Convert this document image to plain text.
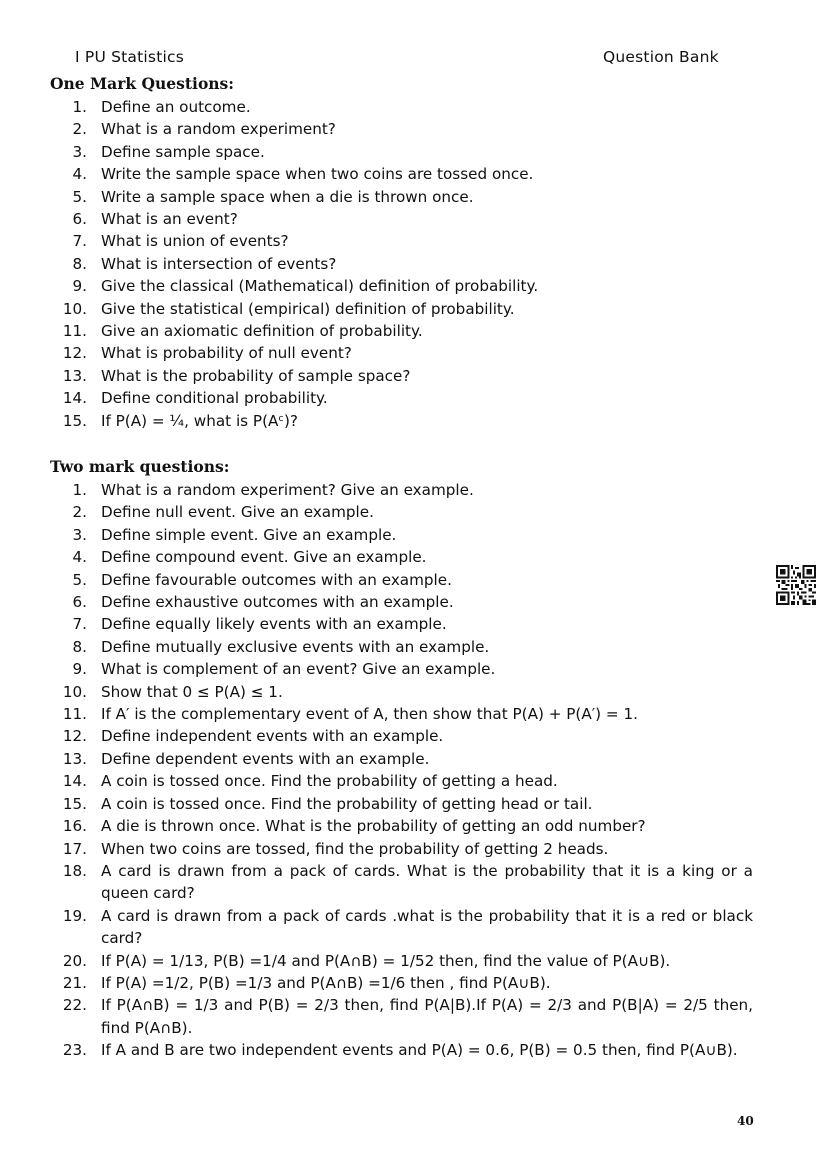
I PU Statistics	Question Bank
One Mark Questions:
1. Define an outcome.
2. What is a random experiment?
3. Define sample space.
4. Write the sample space when two coins are tossed once.
5. Write a sample space when a die is thrown once.
6. What is an event?
7. What is union of events?
8. What is intersection of events?
9. Give the classical (Mathematical) definition of probability.
10. Give the statistical (empirical) definition of probability.
11. Give an axiomatic definition of probability.
12. What is probability of null event?
13. What is the probability of sample space?
14. Define conditional probability.
15. If P(A) = ¼, what is P(Aᶜ)?
Two mark questions:
1. What is a random experiment? Give an example.
2. Define null event. Give an example.
3. Define simple event. Give an example.
4. Define compound event. Give an example.
5. Define favourable outcomes with an example.
6. Define exhaustive outcomes with an example.
7. Define equally likely events with an example.
8. Define mutually exclusive events with an example.
9. What is complement of an event? Give an example.
10. Show that 0 ≤ P(A) ≤ 1.
11. If A′ is the complementary event of A, then show that P(A) + P(A′) = 1.
12. Define independent events with an example.
13. Define dependent events with an example.
14. A coin is tossed once. Find the probability of getting a head.
15. A coin is tossed once. Find the probability of getting head or tail.
16. A die is thrown once. What is the probability of getting an odd number?
17. When two coins are tossed, find the probability of getting 2 heads.
18. A card is drawn from a pack of cards. What is the probability that it is a king or a queen card?
19. A card is drawn from a pack of cards .what is the probability that it is a red or black card?
20. If P(A) = 1/13, P(B) =1/4 and P(A∩B) = 1/52 then, find the value of P(A∪B).
21. If P(A) =1/2, P(B) =1/3 and P(A∩B) =1/6 then , find P(A∪B).
22. If P(A∩B) = 1/3 and P(B) = 2/3 then, find P(A|B).If P(A) = 2/3 and P(B|A) = 2/5 then, find P(A∩B).
23. If A and B are two independent events and P(A) = 0.6, P(B) = 0.5 then, find P(A∪B).
40
